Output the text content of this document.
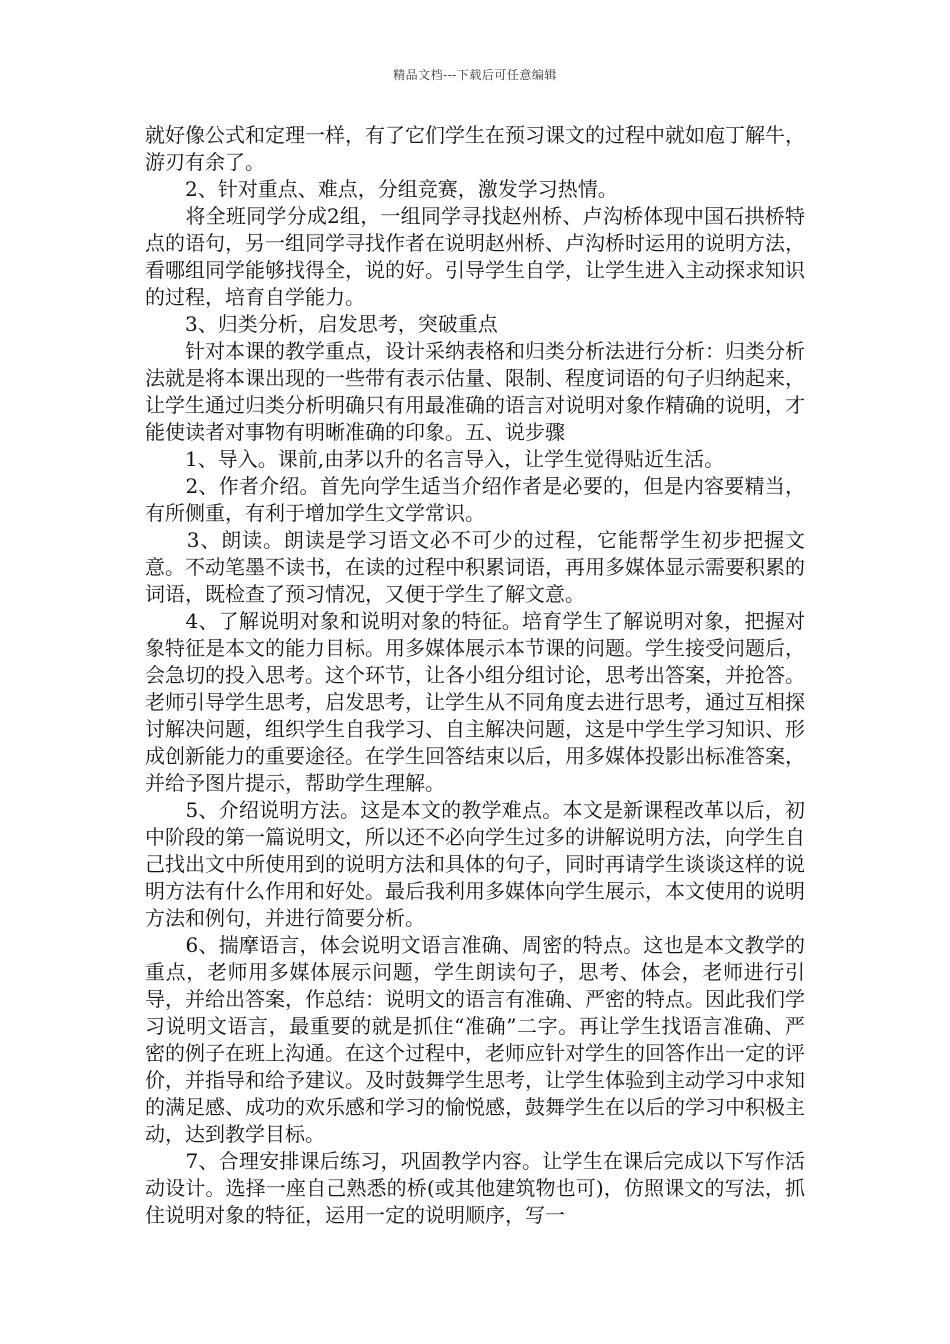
精品文档---下载后可任意编辑

就好像公式和定理一样，有了它们学生在预习课文的过程中就如庖丁解牛，游刃有余了。

　　2、针对重点、难点，分组竞赛，激发学习热情。

　　将全班同学分成2组，一组同学寻找赵州桥、卢沟桥体现中国石拱桥特点的语句，另一组同学寻找作者在说明赵州桥、卢沟桥时运用的说明方法，看哪组同学能够找得全，说的好。引导学生自学，让学生进入主动探求知识的过程，培育自学能力。

　　3、归类分析，启发思考，突破重点

　　针对本课的教学重点，设计采纳表格和归类分析法进行分析：归类分析法就是将本课出现的一些带有表示估量、限制、程度词语的句子归纳起来，让学生通过归类分析明确只有用最准确的语言对说明对象作精确的说明，才能使读者对事物有明晰准确的印象。五、说步骤

　　1、导入。课前,由茅以升的名言导入，让学生觉得贴近生活。

　　2、作者介绍。首先向学生适当介绍作者是必要的，但是内容要精当，有所侧重，有利于增加学生文学常识。

　　3、朗读。朗读是学习语文必不可少的过程，它能帮学生初步把握文意。不动笔墨不读书，在读的过程中积累词语，再用多媒体显示需要积累的词语，既检查了预习情况，又便于学生了解文意。

　　4、了解说明对象和说明对象的特征。培育学生了解说明对象，把握对象特征是本文的能力目标。用多媒体展示本节课的问题。学生接受问题后，会急切的投入思考。这个环节，让各小组分组讨论，思考出答案，并抢答。老师引导学生思考，启发思考，让学生从不同角度去进行思考，通过互相探讨解决问题，组织学生自我学习、自主解决问题，这是中学生学习知识、形成创新能力的重要途径。在学生回答结束以后，用多媒体投影出标准答案，并给予图片提示，帮助学生理解。

　　5、介绍说明方法。这是本文的教学难点。本文是新课程改革以后，初中阶段的第一篇说明文，所以还不必向学生过多的讲解说明方法，向学生自己找出文中所使用到的说明方法和具体的句子，同时再请学生谈谈这样的说明方法有什么作用和好处。最后我利用多媒体向学生展示，本文使用的说明方法和例句，并进行简要分析。

　　6、揣摩语言，体会说明文语言准确、周密的特点。这也是本文教学的重点，老师用多媒体展示问题，学生朗读句子，思考、体会，老师进行引导，并给出答案，作总结：说明文的语言有准确、严密的特点。因此我们学习说明文语言，最重要的就是抓住“准确”二字。再让学生找语言准确、严密的例子在班上沟通。在这个过程中，老师应针对学生的回答作出一定的评价，并指导和给予建议。及时鼓舞学生思考，让学生体验到主动学习中求知的满足感、成功的欢乐感和学习的愉悦感，鼓舞学生在以后的学习中积极主动，达到教学目标。

　　7、合理安排课后练习，巩固教学内容。让学生在课后完成以下写作活动设计。选择一座自己熟悉的桥(或其他建筑物也可)，仿照课文的写法，抓住说明对象的特征，运用一定的说明顺序，写一
